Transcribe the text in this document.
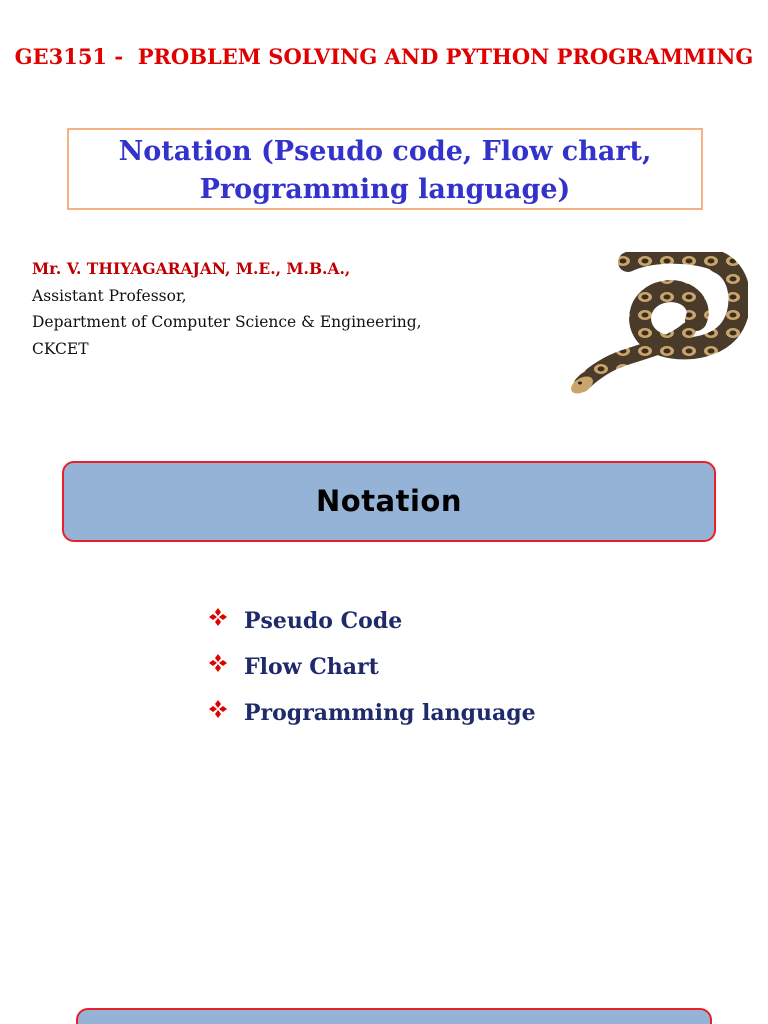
GE3151 -  PROBLEM SOLVING AND PYTHON PROGRAMMING
Notation (Pseudo code, Flow chart,
Programming language)
Mr. V. THIYAGARAJAN, M.E., M.B.A.,
Assistant Professor,
Department of Computer Science & Engineering,
CKCET
Notation
Pseudo Code
Flow Chart
Programming language
